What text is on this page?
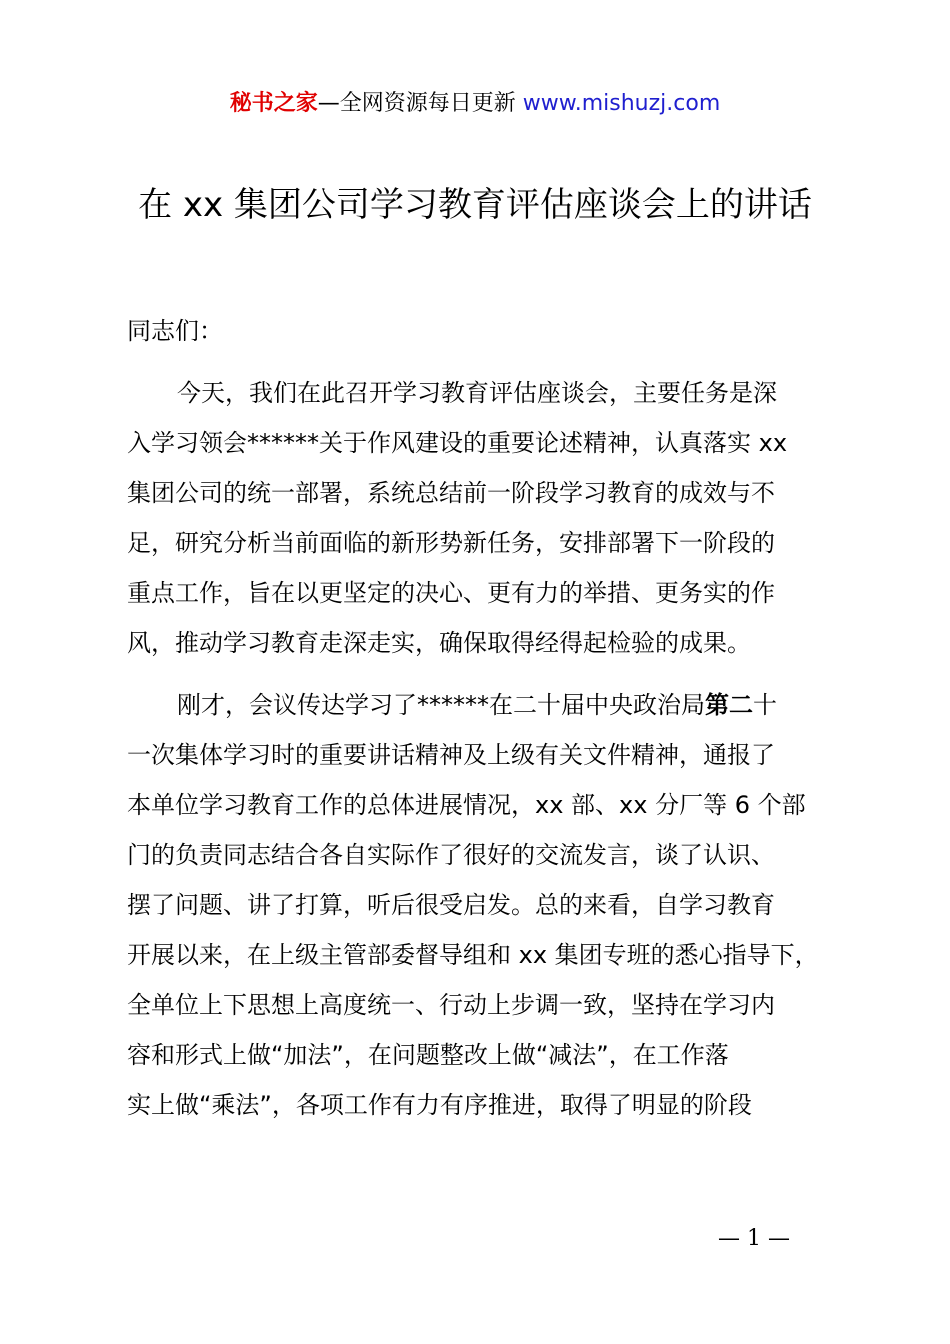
秘书之家—全网资源每日更新 www.mishuzj.com
在 xx 集团公司学习教育评估座谈会上的讲话
同志们：
今天，我们在此召开学习教育评估座谈会，主要任务是深
入学习领会******关于作风建设的重要论述精神，认真落实 xx
集团公司的统一部署，系统总结前一阶段学习教育的成效与不
足，研究分析当前面临的新形势新任务，安排部署下一阶段的
重点工作，旨在以更坚定的决心、更有力的举措、更务实的作
风，推动学习教育走深走实，确保取得经得起检验的成果。
刚才，会议传达学习了******在二十届中央政治局第二十
一次集体学习时的重要讲话精神及上级有关文件精神，通报了
本单位学习教育工作的总体进展情况，xx 部、xx 分厂等 6 个部
门的负责同志结合各自实际作了很好的交流发言，谈了认识、
摆了问题、讲了打算，听后很受启发。总的来看，自学习教育
开展以来，在上级主管部委督导组和 xx 集团专班的悉心指导下，
全单位上下思想上高度统一、行动上步调一致，坚持在学习内
容和形式上做“加法”，在问题整改上做“减法”，在工作落
实上做“乘法”，各项工作有力有序推进，取得了明显的阶段
— 1 —
